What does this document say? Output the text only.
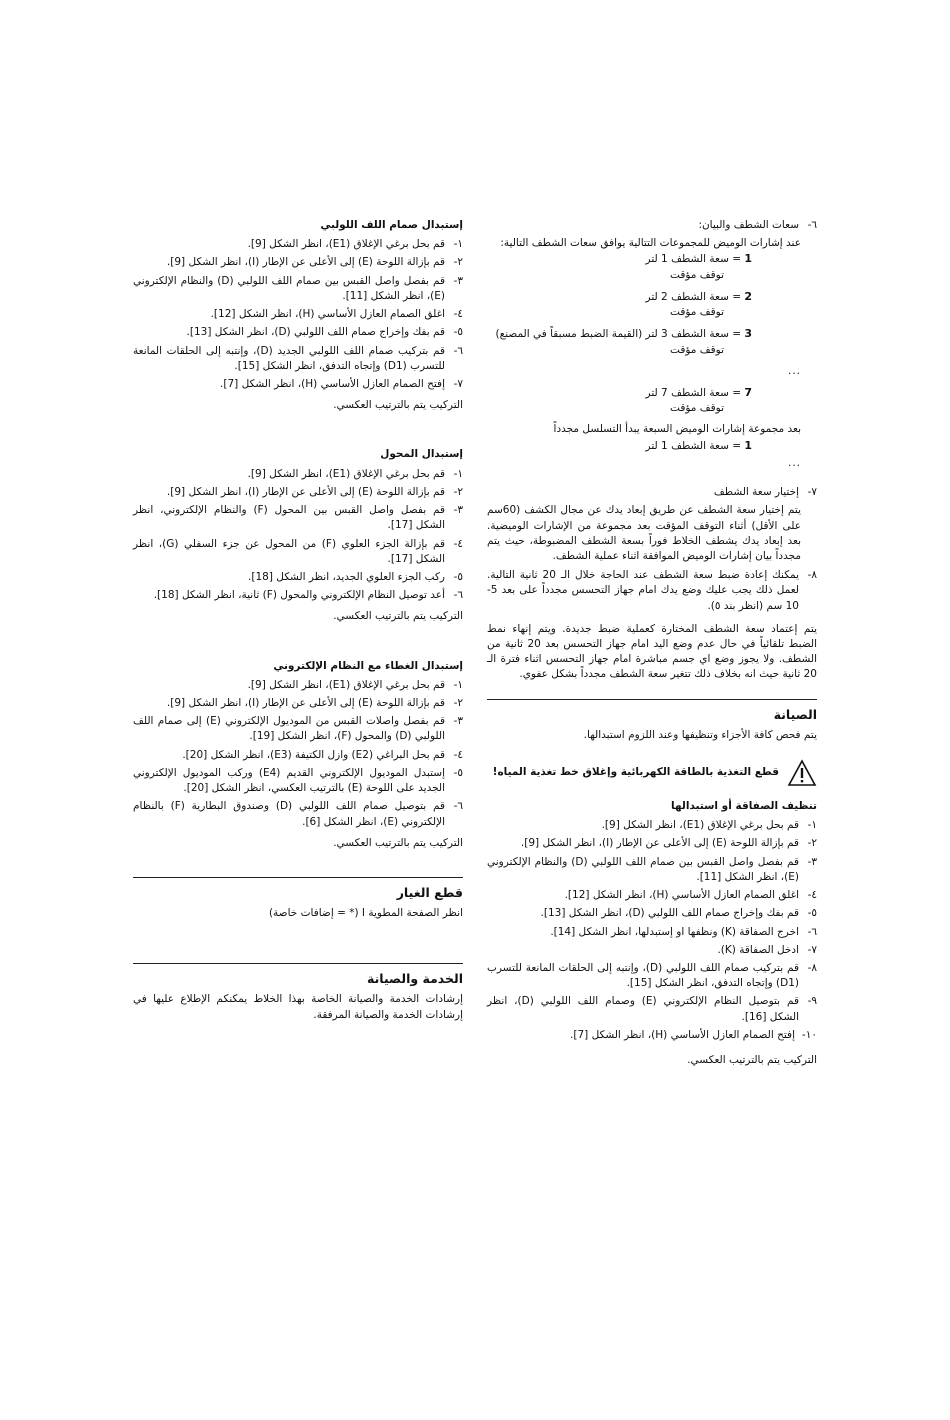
٦-
سعات الشطف والبيان:

عند إشارات الوميض للمجموعات التتالية يوافق سعات الشطف التالية:

1 = سعة الشطف 1 لتر

توقف مؤقت

2 = سعة الشطف 2 لتر

توقف مؤقت

3 = سعة الشطف 3 لتر (القيمة الضبط مسبقاً في المصنع)

توقف مؤقت

...

7 = سعة الشطف 7 لتر

توقف مؤقت

بعد مجموعة إشارات الوميض السبعة يبدأ التسلسل مجدداً

1 = سعة الشطف 1 لتر

...

٧-
إختيار سعة الشطف

يتم إختيار سعة الشطف عن طريق إبعاد يدك عن مجال الكشف (60سم على الأقل) أثناء التوقف المؤقت بعد مجموعة من الإشارات الوميضية. بعد إبعاد يدك يشطف الخلاط فوراً بسعة الشطف المضبوطة، حيث يتم مجدداً بيان إشارات الوميض الموافقة اثناء عملية الشطف.

٨-
يمكنك إعادة ضبط سعة الشطف عند الحاجة خلال الـ 20 ثانية التالية. لعمل ذلك يجب عليك وضع يدك امام جهاز التحسس مجدداً على بعد 5-10 سم (انظر بند ٥).

يتم إعتماد سعة الشطف المختارة كعملية ضبط جديدة. ويتم إنهاء نمط الضبط تلقائياً في حال عدم وضع اليد امام جهاز التحسس بعد 20 ثانية من الشطف. ولا يجوز وضع اي جسم مباشرة امام جهاز التحسس اثناء فترة الـ 20 ثانية حيث انه بخلاف ذلك تتغير سعة الشطف مجدداً بشكل عفوي.

الصيانة

يتم فحص كافة الأجزاء وتنظيفها وعند اللزوم استبدالها.

قطع التغذية بالطاقة الكهربائية وإغلاق خط تغذية المياه!

تنظيف الصفاقة أو استبدالها

١-
قم بحل برغي الإغلاق (E1)، انظر الشكل [9].
٢-
قم بإزالة اللوحة (E) إلى الأعلى عن الإطار (I)، انظر الشكل [9].
٣-
قم بفصل واصل القبس بين صمام اللف اللولبي (D) والنظام الإلكتروني (E)، انظر الشكل [11].
٤-
اغلق الصمام العازل الأساسي (H)، انظر الشكل [12].
٥-
قم بفك وإخراج صمام اللف اللولبي (D)، انظر الشكل [13].
٦-
اخرج الصفاقة (K) ونظفها او إستبدلها، انظر الشكل [14].
٧-
ادخل الصفاقة (K).
٨-
قم بتركيب صمام اللف اللولبي (D)، وإنتبه إلى الحلقات المانعة للتسرب (D1) وإتجاه التدفق، انظر الشكل [15].
٩-
قم بتوصيل النظام الإلكتروني (E) وصمام اللف اللولبي (D)، انظر الشكل [16].
١٠-
إفتح الصمام العازل الأساسي (H)، انظر الشكل [7].

التركيب يتم بالترتيب العكسي.

إستبدال صمام اللف اللولبي

١-
قم بحل برغي الإغلاق (E1)، انظر الشكل [9].
٢-
قم بإزالة اللوحة (E) إلى الأعلى عن الإطار (I)، انظر الشكل [9].
٣-
قم بفصل واصل القبس بين صمام اللف اللولبي (D) والنظام الإلكتروني (E)، انظر الشكل [11].
٤-
اغلق الصمام العازل الأساسي (H)، انظر الشكل [12].
٥-
قم بفك وإخراج صمام اللف اللولبي (D)، انظر الشكل [13].
٦-
قم بتركيب صمام اللف اللولبي الجديد (D)، وإنتبه إلى الحلقات المانعة للتسرب (D1) وإتجاه التدفق، انظر الشكل [15].
٧-
إفتح الصمام العازل الأساسي (H)، انظر الشكل [7].

التركيب يتم بالترتيب العكسي.

إستبدال المحول

١-
قم بحل برغي الإغلاق (E1)، انظر الشكل [9].
٢-
قم بإزالة اللوحة (E) إلى الأعلى عن الإطار (I)، انظر الشكل [9].
٣-
قم بفصل واصل القبس بين المحول (F) والنظام الإلكتروني، انظر الشكل [17].
٤-
قم بإزالة الجزء العلوي (F) من المحول عن جزء السفلي (G)، انظر الشكل [17].
٥-
ركب الجزء العلوي الجديد، انظر الشكل [18].
٦-
أعد توصيل النظام الإلكتروني والمحول (F) ثانية، انظر الشكل [18].

التركيب يتم بالترتيب العكسي.

إستبدال الغطاء مع النظام الإلكتروني

١-
قم بحل برغي الإغلاق (E1)، انظر الشكل [9].
٢-
قم بإزالة اللوحة (E) إلى الأعلى عن الإطار (I)، انظر الشكل [9].
٣-
قم بفصل واصلات القبس من الموديول الإلكتروني (E) إلى صمام اللف اللولبي (D) والمحول (F)، انظر الشكل [19].
٤-
قم بحل البراغي (E2) وازل الكتيفة (E3)، انظر الشكل [20].
٥-
إستبدل الموديول الإلكتروني القديم (E4) وركب الموديول الإلكتروني الجديد على اللوحة (E) بالترتيب العكسي، انظر الشكل [20].
٦-
قم بتوصيل صمام اللف اللولبي (D) وصندوق البطارية (F) بالنظام الإلكتروني (E)، انظر الشكل [6].

التركيب يتم بالترتيب العكسي.

قطع الغيار

انظر الصفحة المطوية I (* = إضافات خاصة)

الخدمة والصيانة

إرشادات الخدمة والصيانة الخاصة بهذا الخلاط يمكنكم الإطلاع عليها في إرشادات الخدمة والصيانة المرفقة.
